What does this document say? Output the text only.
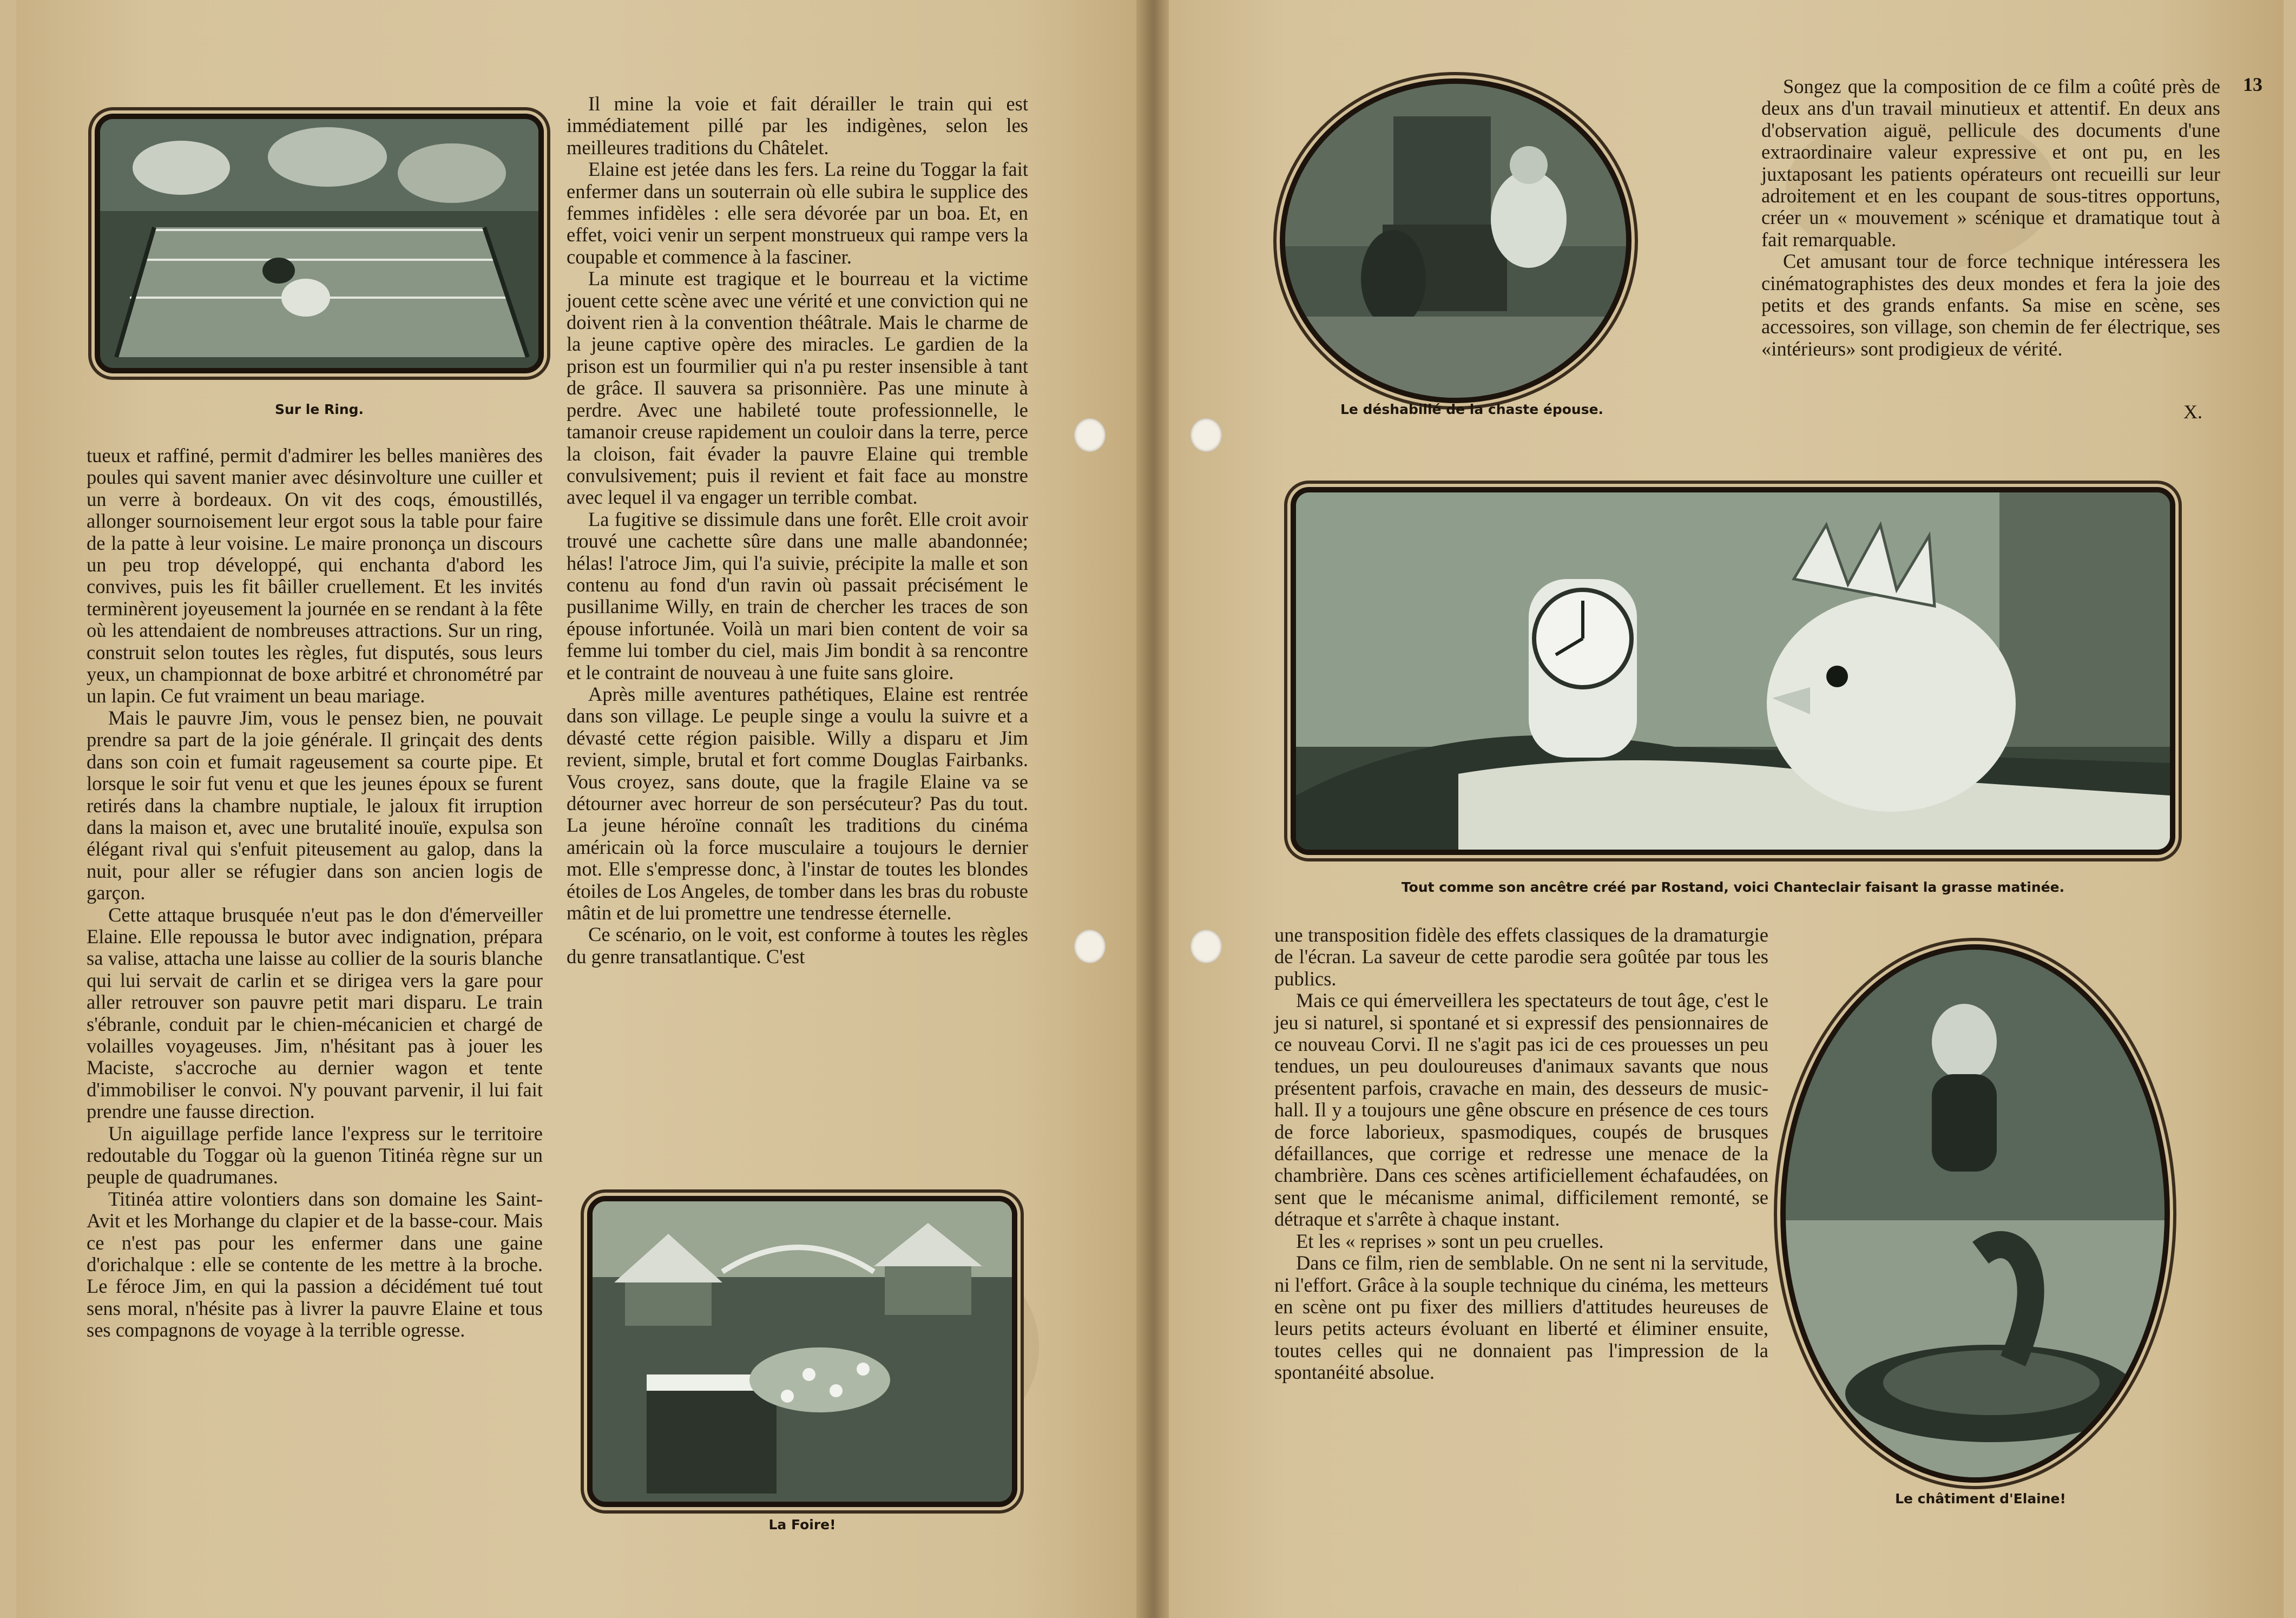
Sur le Ring.

tueux et raffiné, permit d'admirer les belles manières des poules qui savent manier avec désinvolture une cuiller et un verre à bordeaux. On vit des coqs, émoustillés, allonger sournoisement leur ergot sous la table pour faire de la patte à leur voisine. Le maire prononça un discours un peu trop développé, qui enchanta d'abord les convives, puis les fit bâiller cruellement. Et les invités terminèrent joyeusement la journée en se rendant à la fête où les attendaient de nombreuses attractions. Sur un ring, construit selon toutes les règles, fut disputés, sous leurs yeux, un championnat de boxe arbitré et chronométré par un lapin. Ce fut vraiment un beau mariage.

Mais le pauvre Jim, vous le pensez bien, ne pouvait prendre sa part de la joie générale. Il grinçait des dents dans son coin et fumait rageusement sa courte pipe. Et lorsque le soir fut venu et que les jeunes époux se furent retirés dans la chambre nuptiale, le jaloux fit irruption dans la maison et, avec une brutalité inouïe, expulsa son élégant rival qui s'enfuit piteusement au galop, dans la nuit, pour aller se réfugier dans son ancien logis de garçon.

Cette attaque brusquée n'eut pas le don d'émerveiller Elaine. Elle repoussa le butor avec indignation, prépara sa valise, attacha une laisse au collier de la souris blanche qui lui servait de carlin et se dirigea vers la gare pour aller retrouver son pauvre petit mari disparu. Le train s'ébranle, conduit par le chien-mécanicien et chargé de volailles voyageuses. Jim, n'hésitant pas à jouer les Maciste, s'accroche au dernier wagon et tente d'immobiliser le convoi. N'y pouvant parvenir, il lui fait prendre une fausse direction.

Un aiguillage perfide lance l'express sur le territoire redoutable du Toggar où la guenon Titinéa règne sur un peuple de quadrumanes.

Titinéa attire volontiers dans son domaine les Saint-Avit et les Morhange du clapier et de la basse-cour. Mais ce n'est pas pour les enfermer dans une gaine d'orichalque : elle se contente de les mettre à la broche. Le féroce Jim, en qui la passion a décidément tué tout sens moral, n'hésite pas à livrer la pauvre Elaine et tous ses compagnons de voyage à la terrible ogresse.

Il mine la voie et fait dérailler le train qui est immédiatement pillé par les indigènes, selon les meilleures traditions du Châtelet.

Elaine est jetée dans les fers. La reine du Toggar la fait enfermer dans un souterrain où elle subira le supplice des femmes infidèles : elle sera dévorée par un boa. Et, en effet, voici venir un serpent monstrueux qui rampe vers la coupable et commence à la fasciner.

La minute est tragique et le bourreau et la victime jouent cette scène avec une vérité et une conviction qui ne doivent rien à la convention théâtrale. Mais le charme de la jeune captive opère des miracles. Le gardien de la prison est un fourmilier qui n'a pu rester insensible à tant de grâce. Il sauvera sa prisonnière. Pas une minute à perdre. Avec une habileté toute professionnelle, le tamanoir creuse rapidement un couloir dans la terre, perce la cloison, fait évader la pauvre Elaine qui tremble convulsivement; puis il revient et fait face au monstre avec lequel il va engager un terrible combat.

La fugitive se dissimule dans une forêt. Elle croit avoir trouvé une cachette sûre dans une malle abandonnée; hélas! l'atroce Jim, qui l'a suivie, précipite la malle et son contenu au fond d'un ravin où passait précisément le pusillanime Willy, en train de chercher les traces de son épouse infortunée. Voilà un mari bien content de voir sa femme lui tomber du ciel, mais Jim bondit à sa rencontre et le contraint de nouveau à une fuite sans gloire.

Après mille aventures pathétiques, Elaine est rentrée dans son village. Le peuple singe a voulu la suivre et a dévasté cette région paisible. Willy a disparu et Jim revient, simple, brutal et fort comme Douglas Fairbanks. Vous croyez, sans doute, que la fragile Elaine va se détourner avec horreur de son persécuteur? Pas du tout. La jeune héroïne connaît les traditions du cinéma américain où la force musculaire a toujours le dernier mot. Elle s'empresse donc, à l'instar de toutes les blondes étoiles de Los Angeles, de tomber dans les bras du robuste mâtin et de lui promettre une tendresse éternelle.

Ce scénario, on le voit, est conforme à toutes les règles du genre transatlantique. C'est

La Foire!
Le déshabillé de la chaste épouse.

Songez que la composition de ce film a coûté près de deux ans d'un travail minutieux et attentif. En deux ans d'observation aiguë, pellicule des documents d'une extraordinaire valeur expressive et ont pu, en les juxtaposant les patients opérateurs ont recueilli sur leur adroitement et en les coupant de sous-titres opportuns, créer un « mouvement » scénique et dramatique tout à fait remarquable.

Cet amusant tour de force technique intéressera les cinématographistes des deux mondes et fera la joie des petits et des grands enfants. Sa mise en scène, ses accessoires, son village, son chemin de fer électrique, ses «intérieurs» sont prodigieux de vérité.

13
X.
Tout comme son ancêtre créé par Rostand, voici Chanteclair faisant la grasse matinée.

une transposition fidèle des effets classiques de la dramaturgie de l'écran. La saveur de cette parodie sera goûtée par tous les publics.

Mais ce qui émerveillera les spectateurs de tout âge, c'est le jeu si naturel, si spontané et si expressif des pensionnaires de ce nouveau Corvi. Il ne s'agit pas ici de ces prouesses un peu tendues, un peu douloureuses d'animaux savants que nous présentent parfois, cravache en main, des desseurs de music-hall. Il y a toujours une gêne obscure en présence de ces tours de force laborieux, spasmodiques, coupés de brusques défaillances, que corrige et redresse une menace de la chambrière. Dans ces scènes artificiellement échafaudées, on sent que le mécanisme animal, difficilement remonté, se détraque et s'arrête à chaque instant.

Et les « reprises » sont un peu cruelles.

Dans ce film, rien de semblable. On ne sent ni la servitude, ni l'effort. Grâce à la souple technique du cinéma, les metteurs en scène ont pu fixer des milliers d'attitudes heureuses de leurs petits acteurs évoluant en liberté et éliminer ensuite, toutes celles qui ne donnaient pas l'impression de la spontanéité absolue.

Le châtiment d'Elaine!
